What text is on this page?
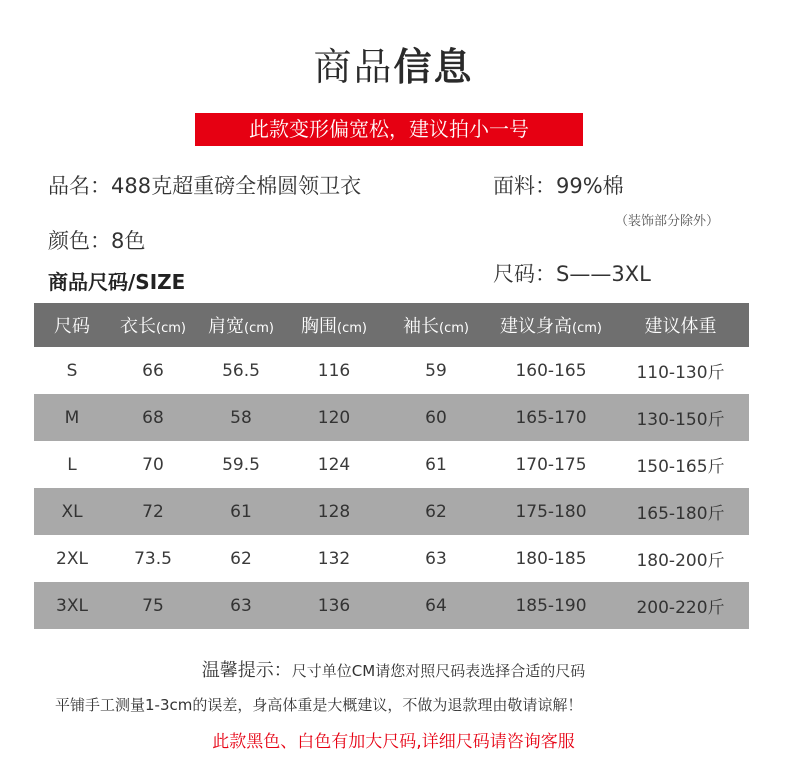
商品信息
此款变形偏宽松，建议拍小一号
品名：488克超重磅全棉圆领卫衣	面料：99%棉
（装饰部分除外）
颜色：8色
商品尺码/SIZE	尺码：S——3XL
尺码	衣长(cm)	肩宽(cm)	胸围(cm)	袖长(cm)	建议身高(cm)	建议体重
S	66	56.5	116	59	160-165	110-130斤
M	68	58	120	60	165-170	130-150斤
L	70	59.5	124	61	170-175	150-165斤
XL	72	61	128	62	175-180	165-180斤
2XL	73.5	62	132	63	180-185	180-200斤
3XL	75	63	136	64	185-190	200-220斤
温馨提示：尺寸单位CM请您对照尺码表选择合适的尺码
平铺手工测量1-3cm的误差，身高体重是大概建议，不做为退款理由敬请谅解！
此款黑色、白色有加大尺码,详细尺码请咨询客服
